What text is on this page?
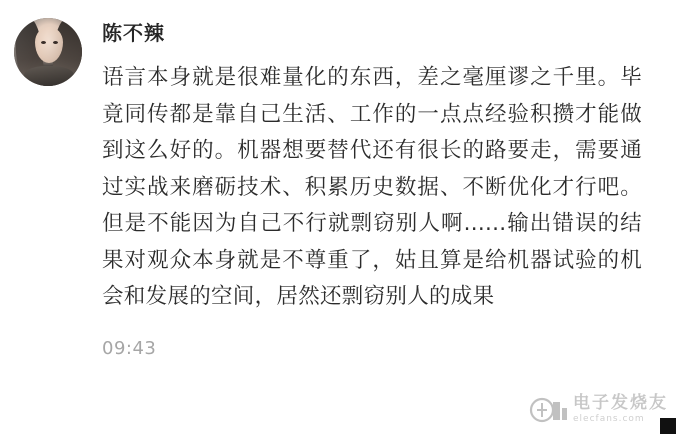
陈不辣
语言本身就是很难量化的东西，差之毫厘谬之千里。毕竟同传都是靠自己生活、工作的一点点经验积攒才能做到这么好的。机器想要替代还有很长的路要走，需要通过实战来磨砺技术、积累历史数据、不断优化才行吧。但是不能因为自己不行就剽窃别人啊......输出错误的结果对观众本身就是不尊重了，姑且算是给机器试验的机会和发展的空间，居然还剽窃别人的成果
09:43
电子发烧友
elecfans.com
